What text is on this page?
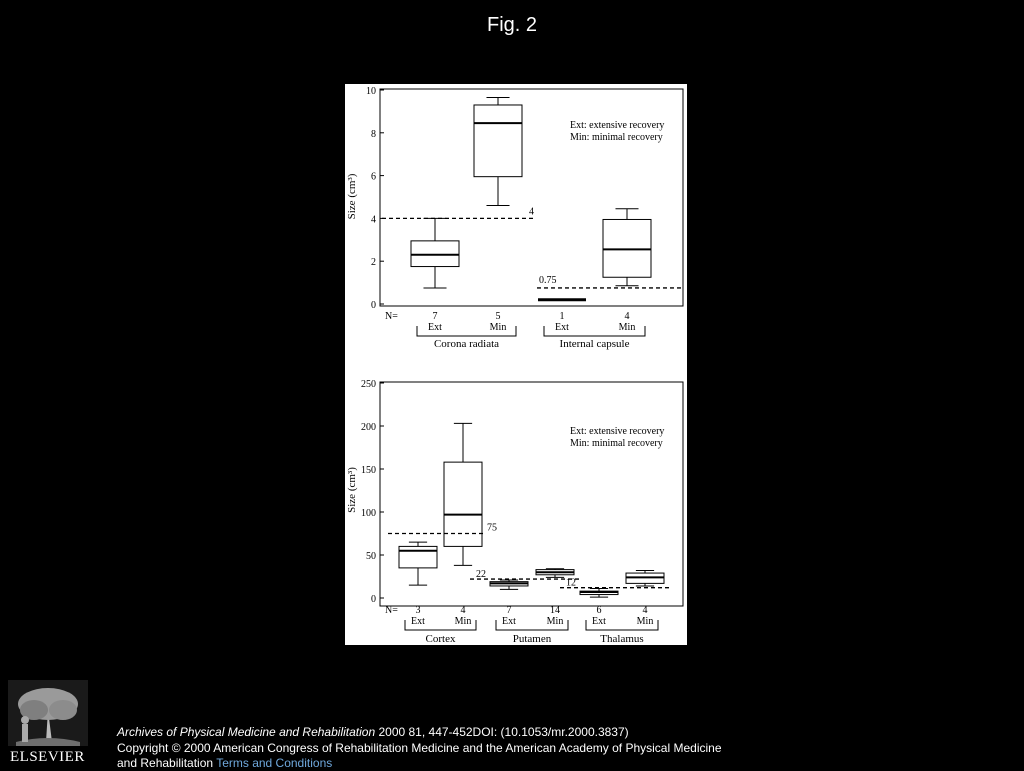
Fig. 2
0
2
4
6
8
10
Size (cm³)
Ext: extensive recovery
Min: minimal recovery
4
0.75
N=	7	5
Ext	Min
Corona radiata
1	4
Ext	Min
Internal capsule
0
50
100
150
200
250
Size (cm³)
Ext: extensive recovery
Min: minimal recovery
75
22
12
N= 3	4
Ext	Min
Cortex
7	14
Ext	Min
Putamen
6	4
Ext	Min
Thalamus
ELSEVIER
Archives of Physical Medicine and Rehabilitation 2000 81, 447-452DOI: (10.1053/mr.2000.3837)
Copyright © 2000 American Congress of Rehabilitation Medicine and the American Academy of Physical Medicine and Rehabilitation Terms and Conditions
